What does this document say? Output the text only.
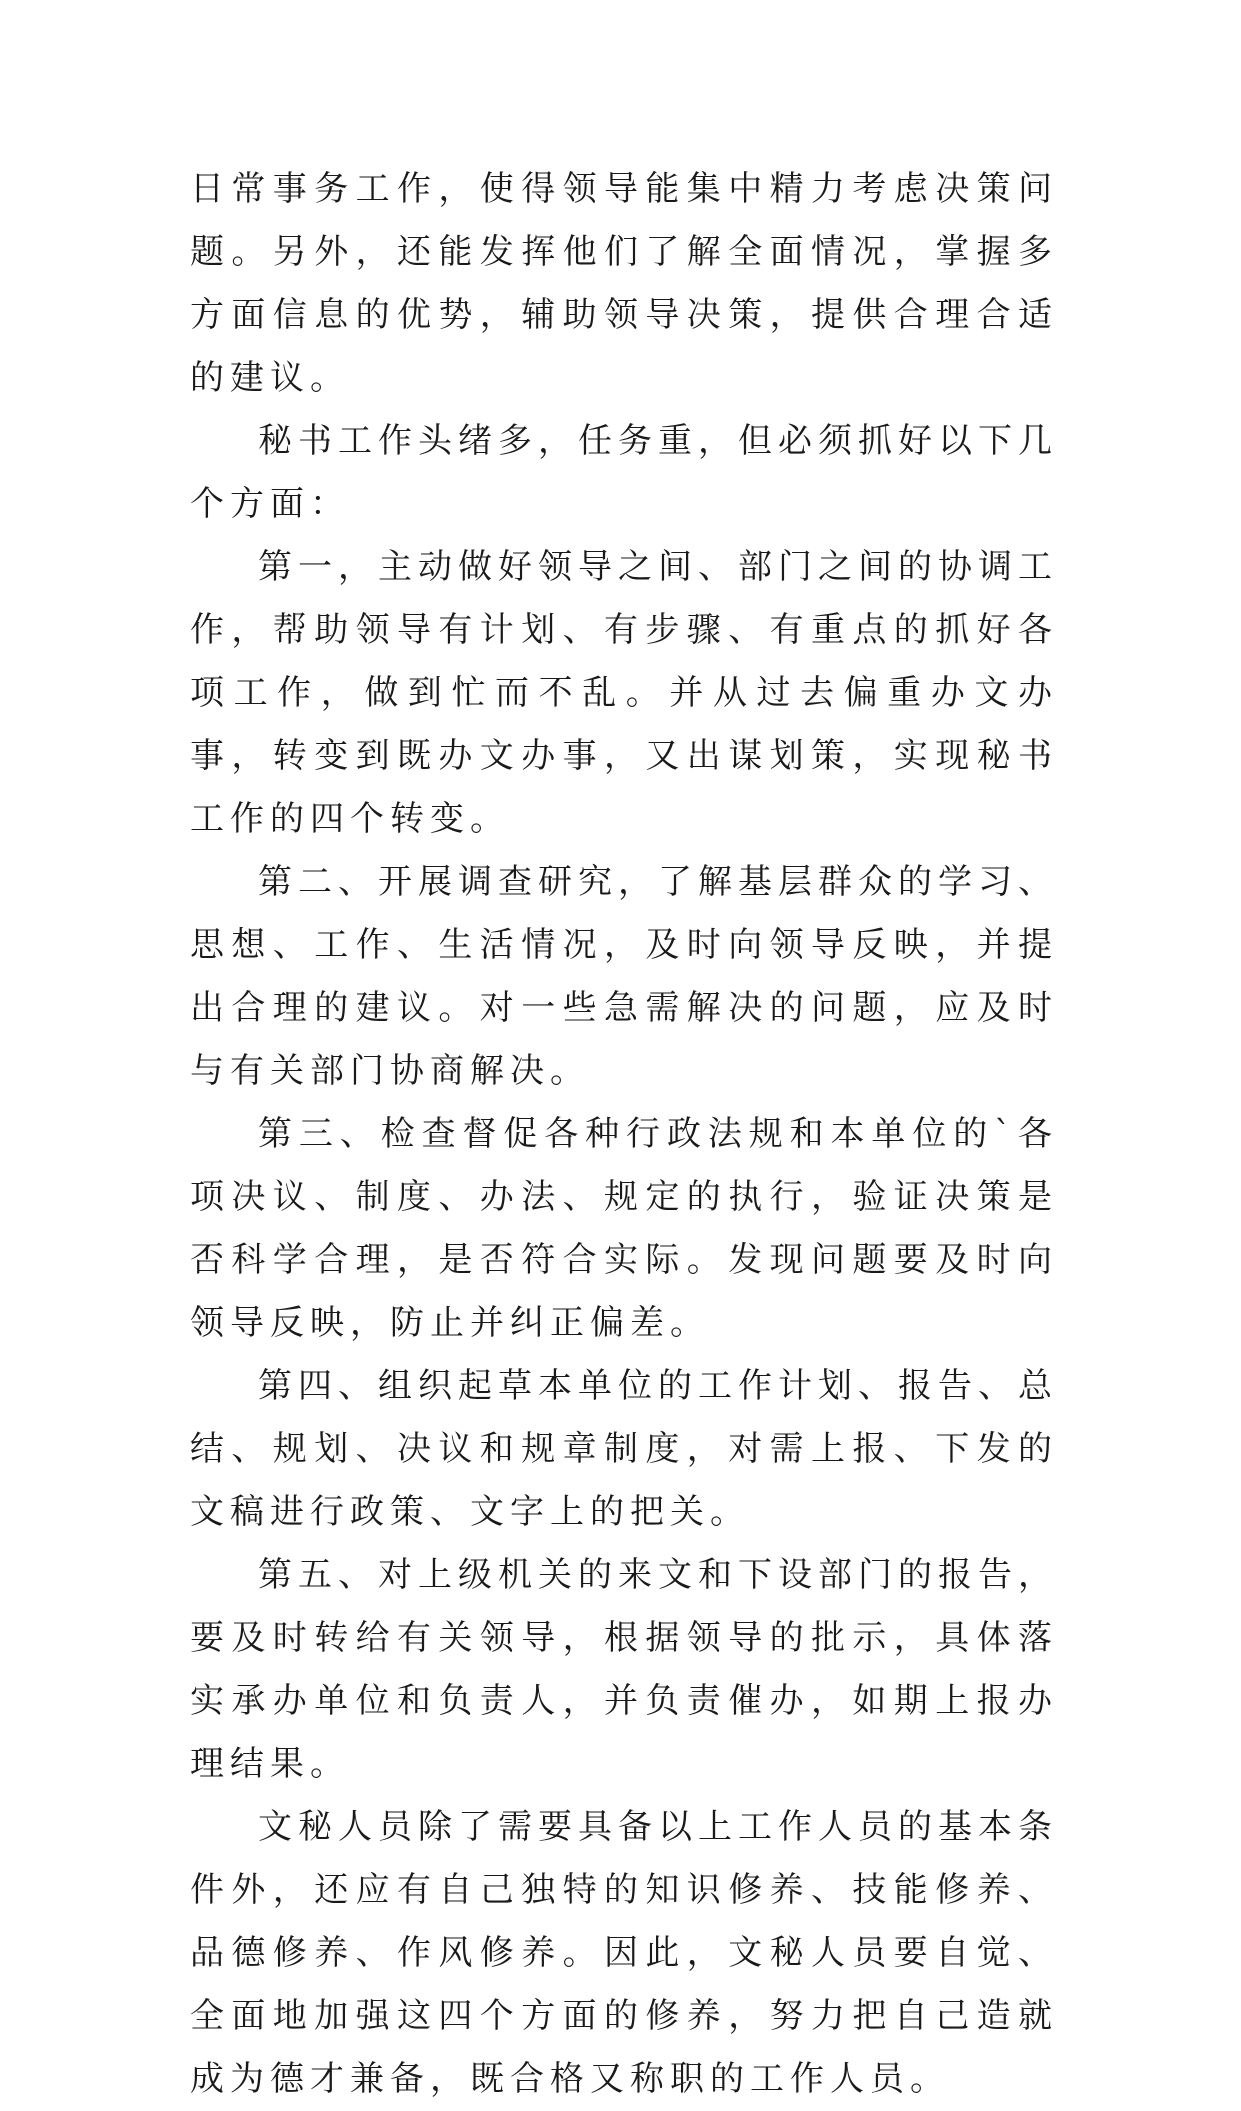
日常事务工作，使得领导能集中精力考虑决策问题。另外，还能发挥他们了解全面情况，掌握多方面信息的优势，辅助领导决策，提供合理合适的建议。

秘书工作头绪多，任务重，但必须抓好以下几个方面：

第一，主动做好领导之间、部门之间的协调工作，帮助领导有计划、有步骤、有重点的抓好各项工作，做到忙而不乱。并从过去偏重办文办事，转变到既办文办事，又出谋划策，实现秘书工作的四个转变。

第二、开展调查研究，了解基层群众的学习、思想、工作、生活情况，及时向领导反映，并提出合理的建议。对一些急需解决的问题，应及时与有关部门协商解决。

第三、检查督促各种行政法规和本单位的`各项决议、制度、办法、规定的执行，验证决策是否科学合理，是否符合实际。发现问题要及时向领导反映，防止并纠正偏差。

第四、组织起草本单位的工作计划、报告、总结、规划、决议和规章制度，对需上报、下发的文稿进行政策、文字上的把关。

第五、对上级机关的来文和下设部门的报告，要及时转给有关领导，根据领导的批示，具体落实承办单位和负责人，并负责催办，如期上报办理结果。

文秘人员除了需要具备以上工作人员的基本条件外，还应有自己独特的知识修养、技能修养、品德修养、作风修养。因此，文秘人员要自觉、全面地加强这四个方面的修养，努力把自己造就成为德才兼备，既合格又称职的工作人员。
